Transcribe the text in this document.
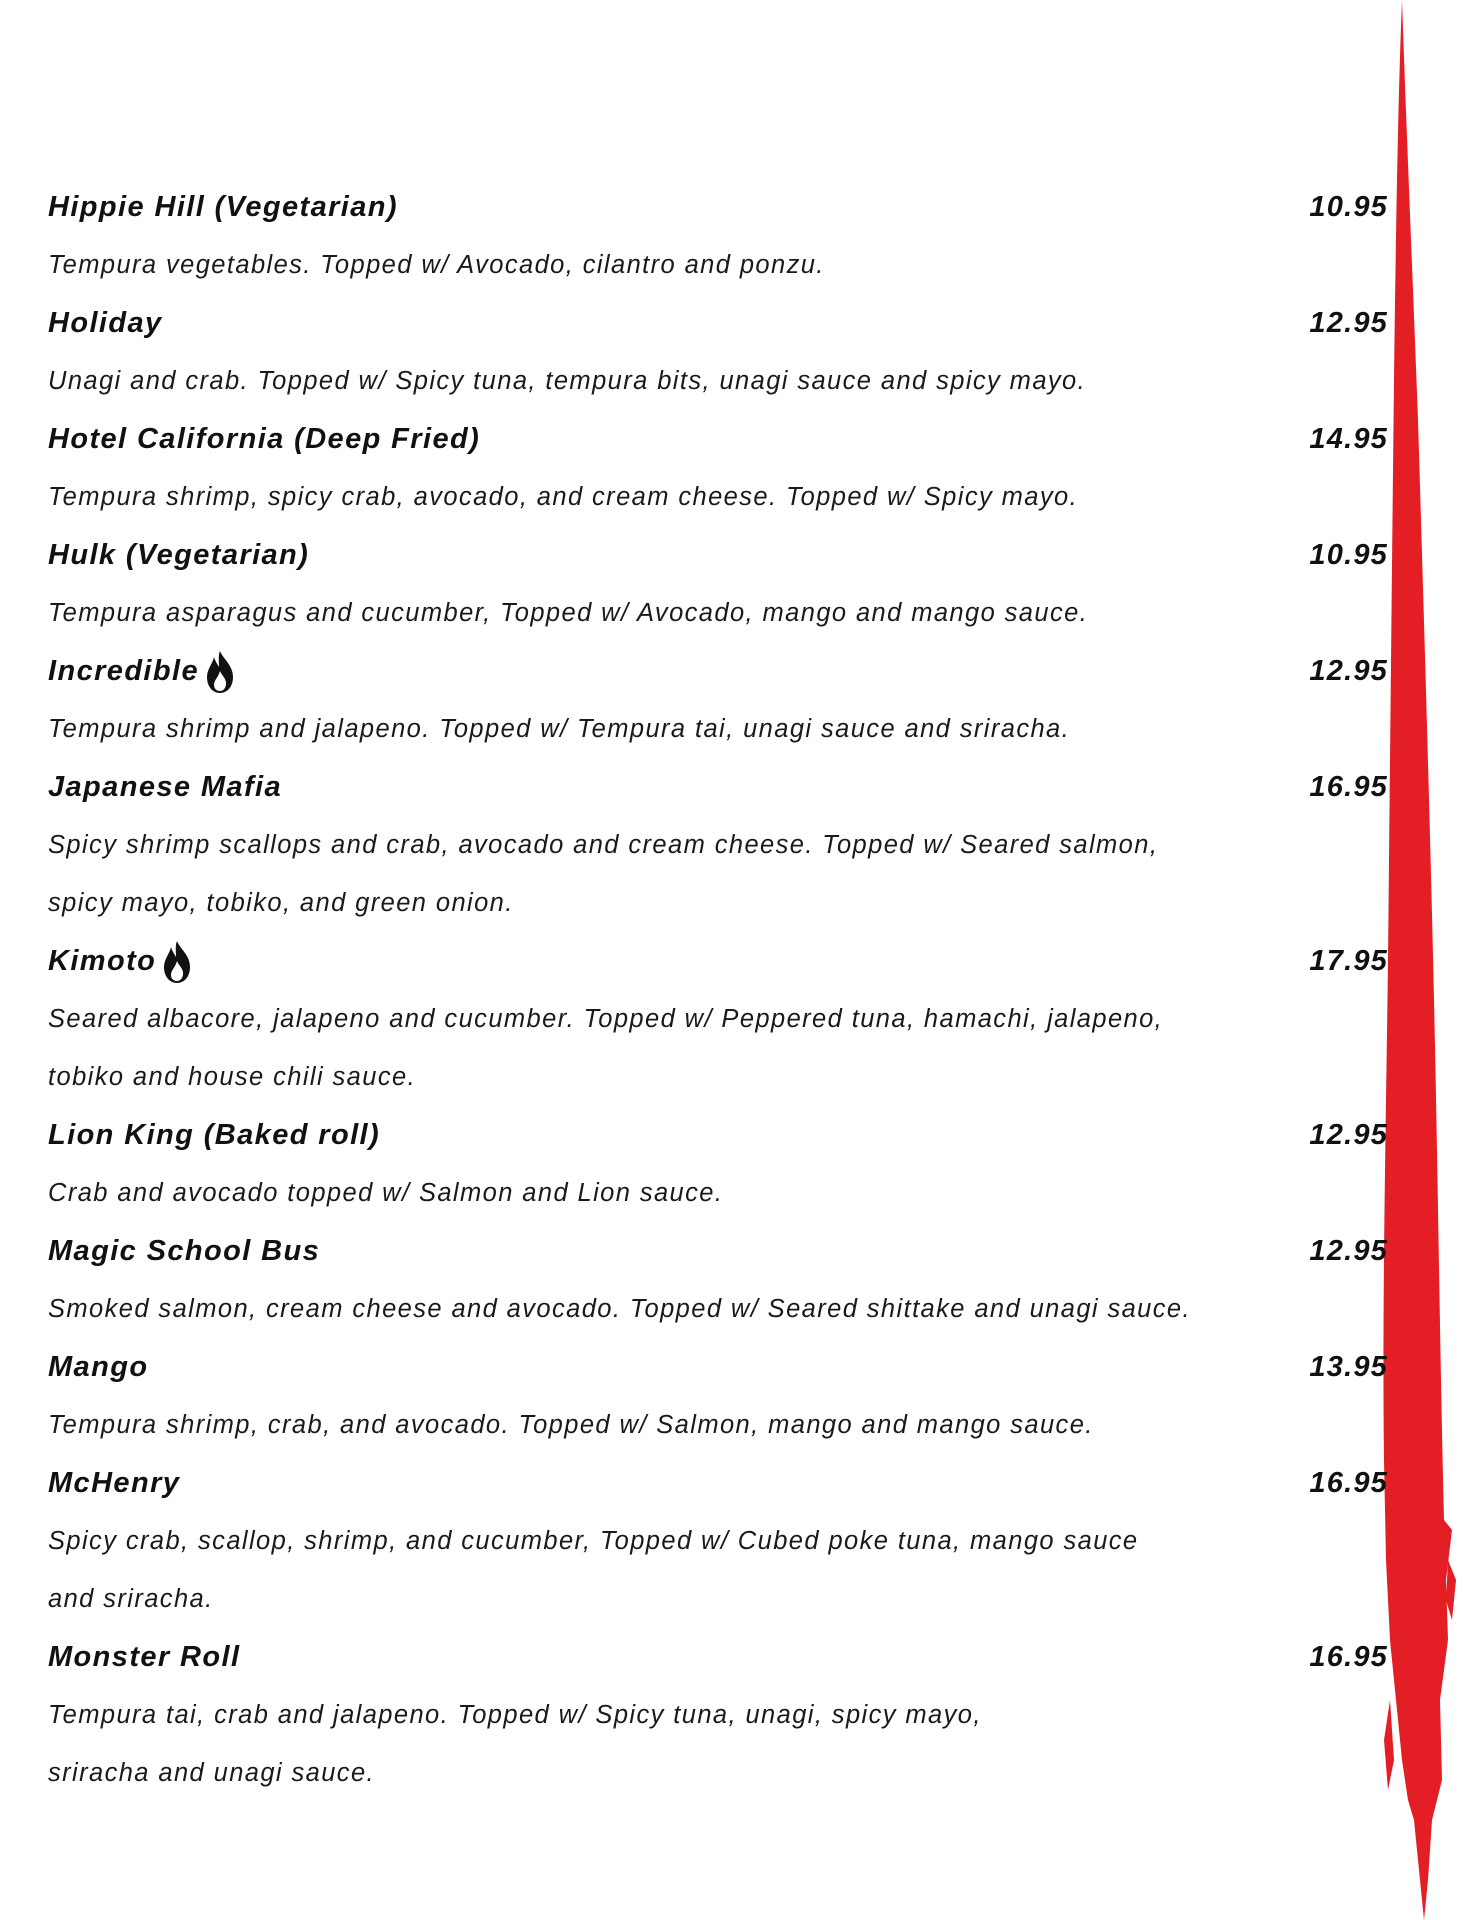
Hippie Hill (Vegetarian)	10.95
Tempura vegetables. Topped w/ Avocado, cilantro and ponzu.
Holiday	12.95
Unagi and crab. Topped w/ Spicy tuna, tempura bits, unagi sauce and spicy mayo.
Hotel California (Deep Fried)	14.95
Tempura shrimp, spicy crab, avocado, and cream cheese. Topped w/ Spicy mayo.
Hulk (Vegetarian)	10.95
Tempura asparagus and cucumber, Topped w/ Avocado, mango and mango sauce.
Incredible	12.95
Tempura shrimp and jalapeno. Topped w/ Tempura tai, unagi sauce and sriracha.
Japanese Mafia	16.95
Spicy shrimp scallops and crab, avocado and cream cheese. Topped w/ Seared salmon,
spicy mayo, tobiko, and green onion.
Kimoto	17.95
Seared albacore, jalapeno and cucumber. Topped w/ Peppered tuna, hamachi, jalapeno,
tobiko and house chili sauce.
Lion King (Baked roll)	12.95
Crab and avocado topped w/ Salmon and Lion sauce.
Magic School Bus	12.95
Smoked salmon, cream cheese and avocado. Topped w/ Seared shittake and unagi sauce.
Mango	13.95
Tempura shrimp, crab, and avocado. Topped w/ Salmon, mango and mango sauce.
McHenry	16.95
Spicy crab, scallop, shrimp, and cucumber, Topped w/ Cubed poke tuna, mango sauce
and sriracha.
Monster Roll	16.95
Tempura tai, crab and jalapeno. Topped w/ Spicy tuna, unagi, spicy mayo,
sriracha and unagi sauce.
